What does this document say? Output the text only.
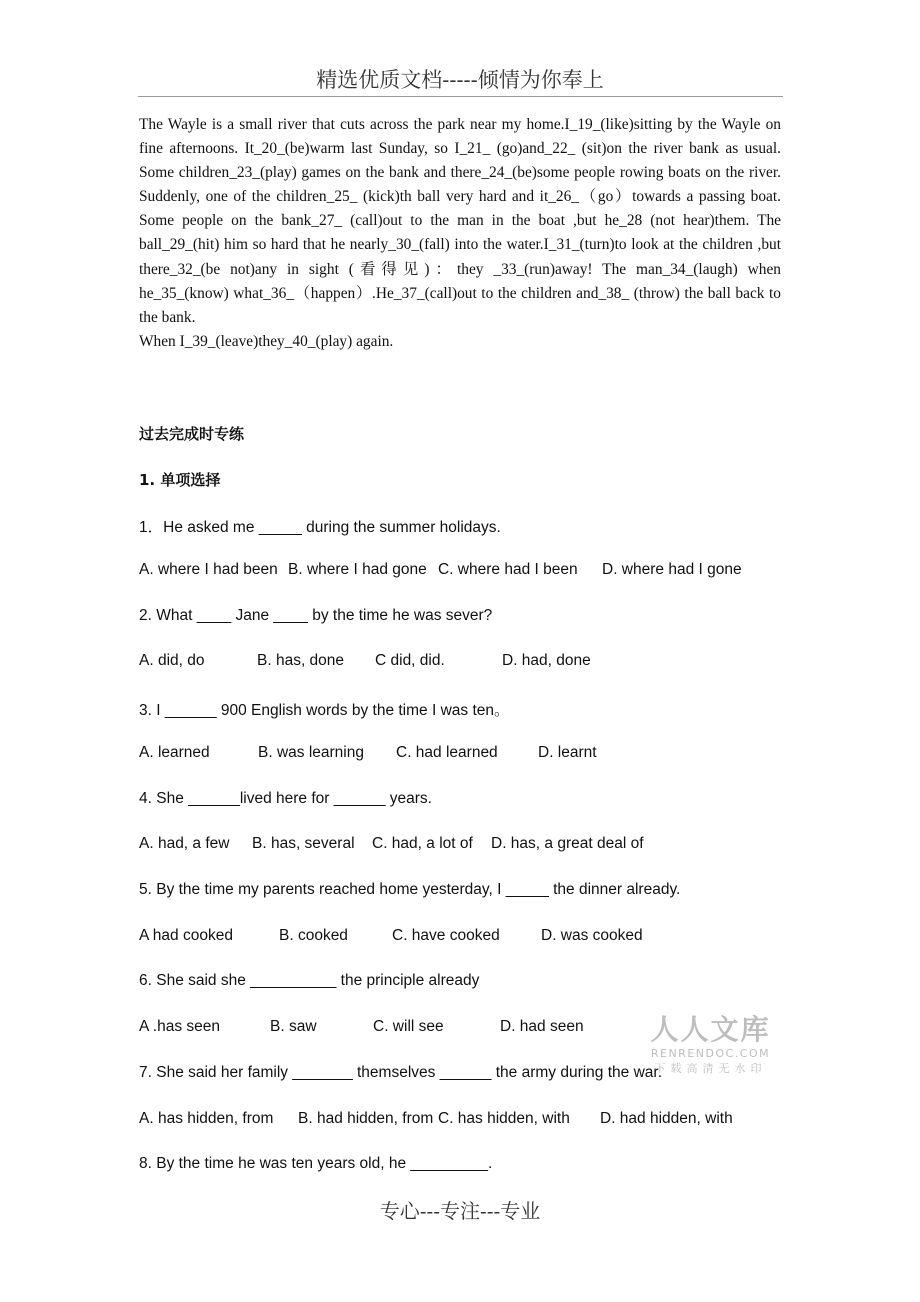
精选优质文档-----倾情为你奉上

The Wayle is a small river that cuts across the park near my home.I_19_(like)sitting by the Wayle on fine afternoons. It_20_(be)warm last Sunday, so I_21_ (go)and_22_ (sit)on the river bank as usual. Some children_23_(play) games on the bank and there_24_(be)some people rowing boats on the river. Suddenly, one of the children_25_ (kick)th ball very hard and it_26_（go）towards a passing boat. Some people on the bank_27_ (call)out to the man in the boat ,but he_28 (not hear)them. The ball_29_(hit) him so hard that he nearly_30_(fall) into the water.I_31_(turn)to look at the children ,but there_32_(be not)any in sight (看得见)：they _33_(run)away! The man_34_(laugh) when he_35_(know) what_36_（happen）.He_37_(call)out to the children and_38_ (throw) the ball back to the bank.

When I_39_(leave)they_40_(play) again.

过去完成时专练
1. 单项选择
1．He asked me _____ during the summer holidays.
A. where I had been B. where I had gone C. where had I been D. where had I gone
2. What ____ Jane ____ by the time he was sever?
A. did, do	B. has, done C did, did.	D. had, done
3. I ______ 900 English words by the time I was ten。
A. learned	B. was learning C. had learned	D. learnt
4. She ______lived here for ______ years.
A. had, a few B. has, several C. had, a lot of D. has, a great deal of
5. By the time my parents reached home yesterday, I _____ the dinner already.
A had cooked	B. cooked	C. have cooked	D. was cooked
6. She said she __________ the principle already
A .has seen	B. saw	C. will see	D. had seen
7. She said her family _______ themselves ______ the army during the war.
A. has hidden, from B. had hidden, from C. has hidden, with D. had hidden, with
8. By the time he was ten years old, he _________.
人人文库
RENRENDOC.COM
下载高清无水印
专心---专注---专业
